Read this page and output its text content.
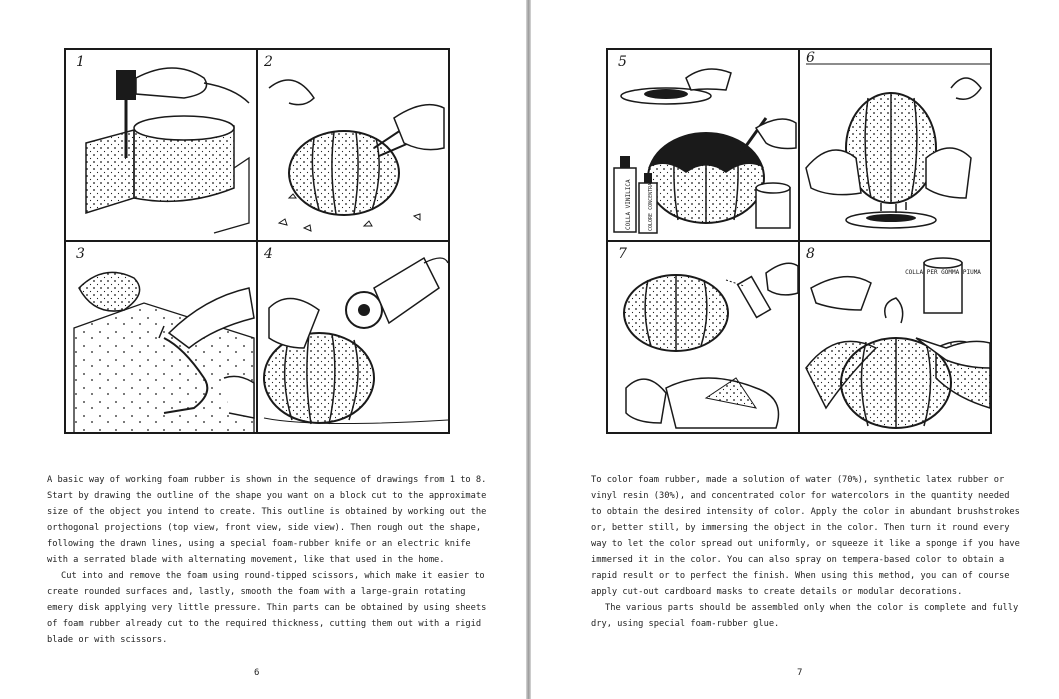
1	2
3	4

A basic way of working foam rubber is shown in the sequence of drawings from 1 to 8. Start by drawing the outline of the shape you want on a block cut to the approximate size of the object you intend to create. This outline is obtained by working out the orthogonal projections (top view, front view, side view). Then rough out the shape, following the drawn lines, using a special foam-rubber knife or an electric knife with a serrated blade with alternating movement, like that used in the home.

Cut into and remove the foam using round-tipped scissors, which make it easier to create rounded surfaces and, lastly, smooth the foam with a large-grain rotating emery disk applying very little pressure. Thin parts can be obtained by using sheets of foam rubber already cut to the required thickness, cutting them out with a rigid blade or with scissors.

6
COLLA VINILICA	COLORE CONCENTRATO
COLLA PER GOMMA PIUMA
5	6
7	8

To color foam rubber, made a solution of water (70%), synthetic latex rubber or vinyl resin (30%), and concentrated color for watercolors in the quantity needed to obtain the desired intensity of color. Apply the color in abundant brushstrokes or, better still, by immersing the object in the color. Then turn it round every way to let the color spread out uniformly, or squeeze it like a sponge if you have immersed it in the color. You can also spray on tempera-based color to obtain a rapid result or to perfect the finish. When using this method, you can of course apply cut-out cardboard masks to create details or modular decorations.

The various parts should be assembled only when the color is complete and fully dry, using special foam-rubber glue.

7
